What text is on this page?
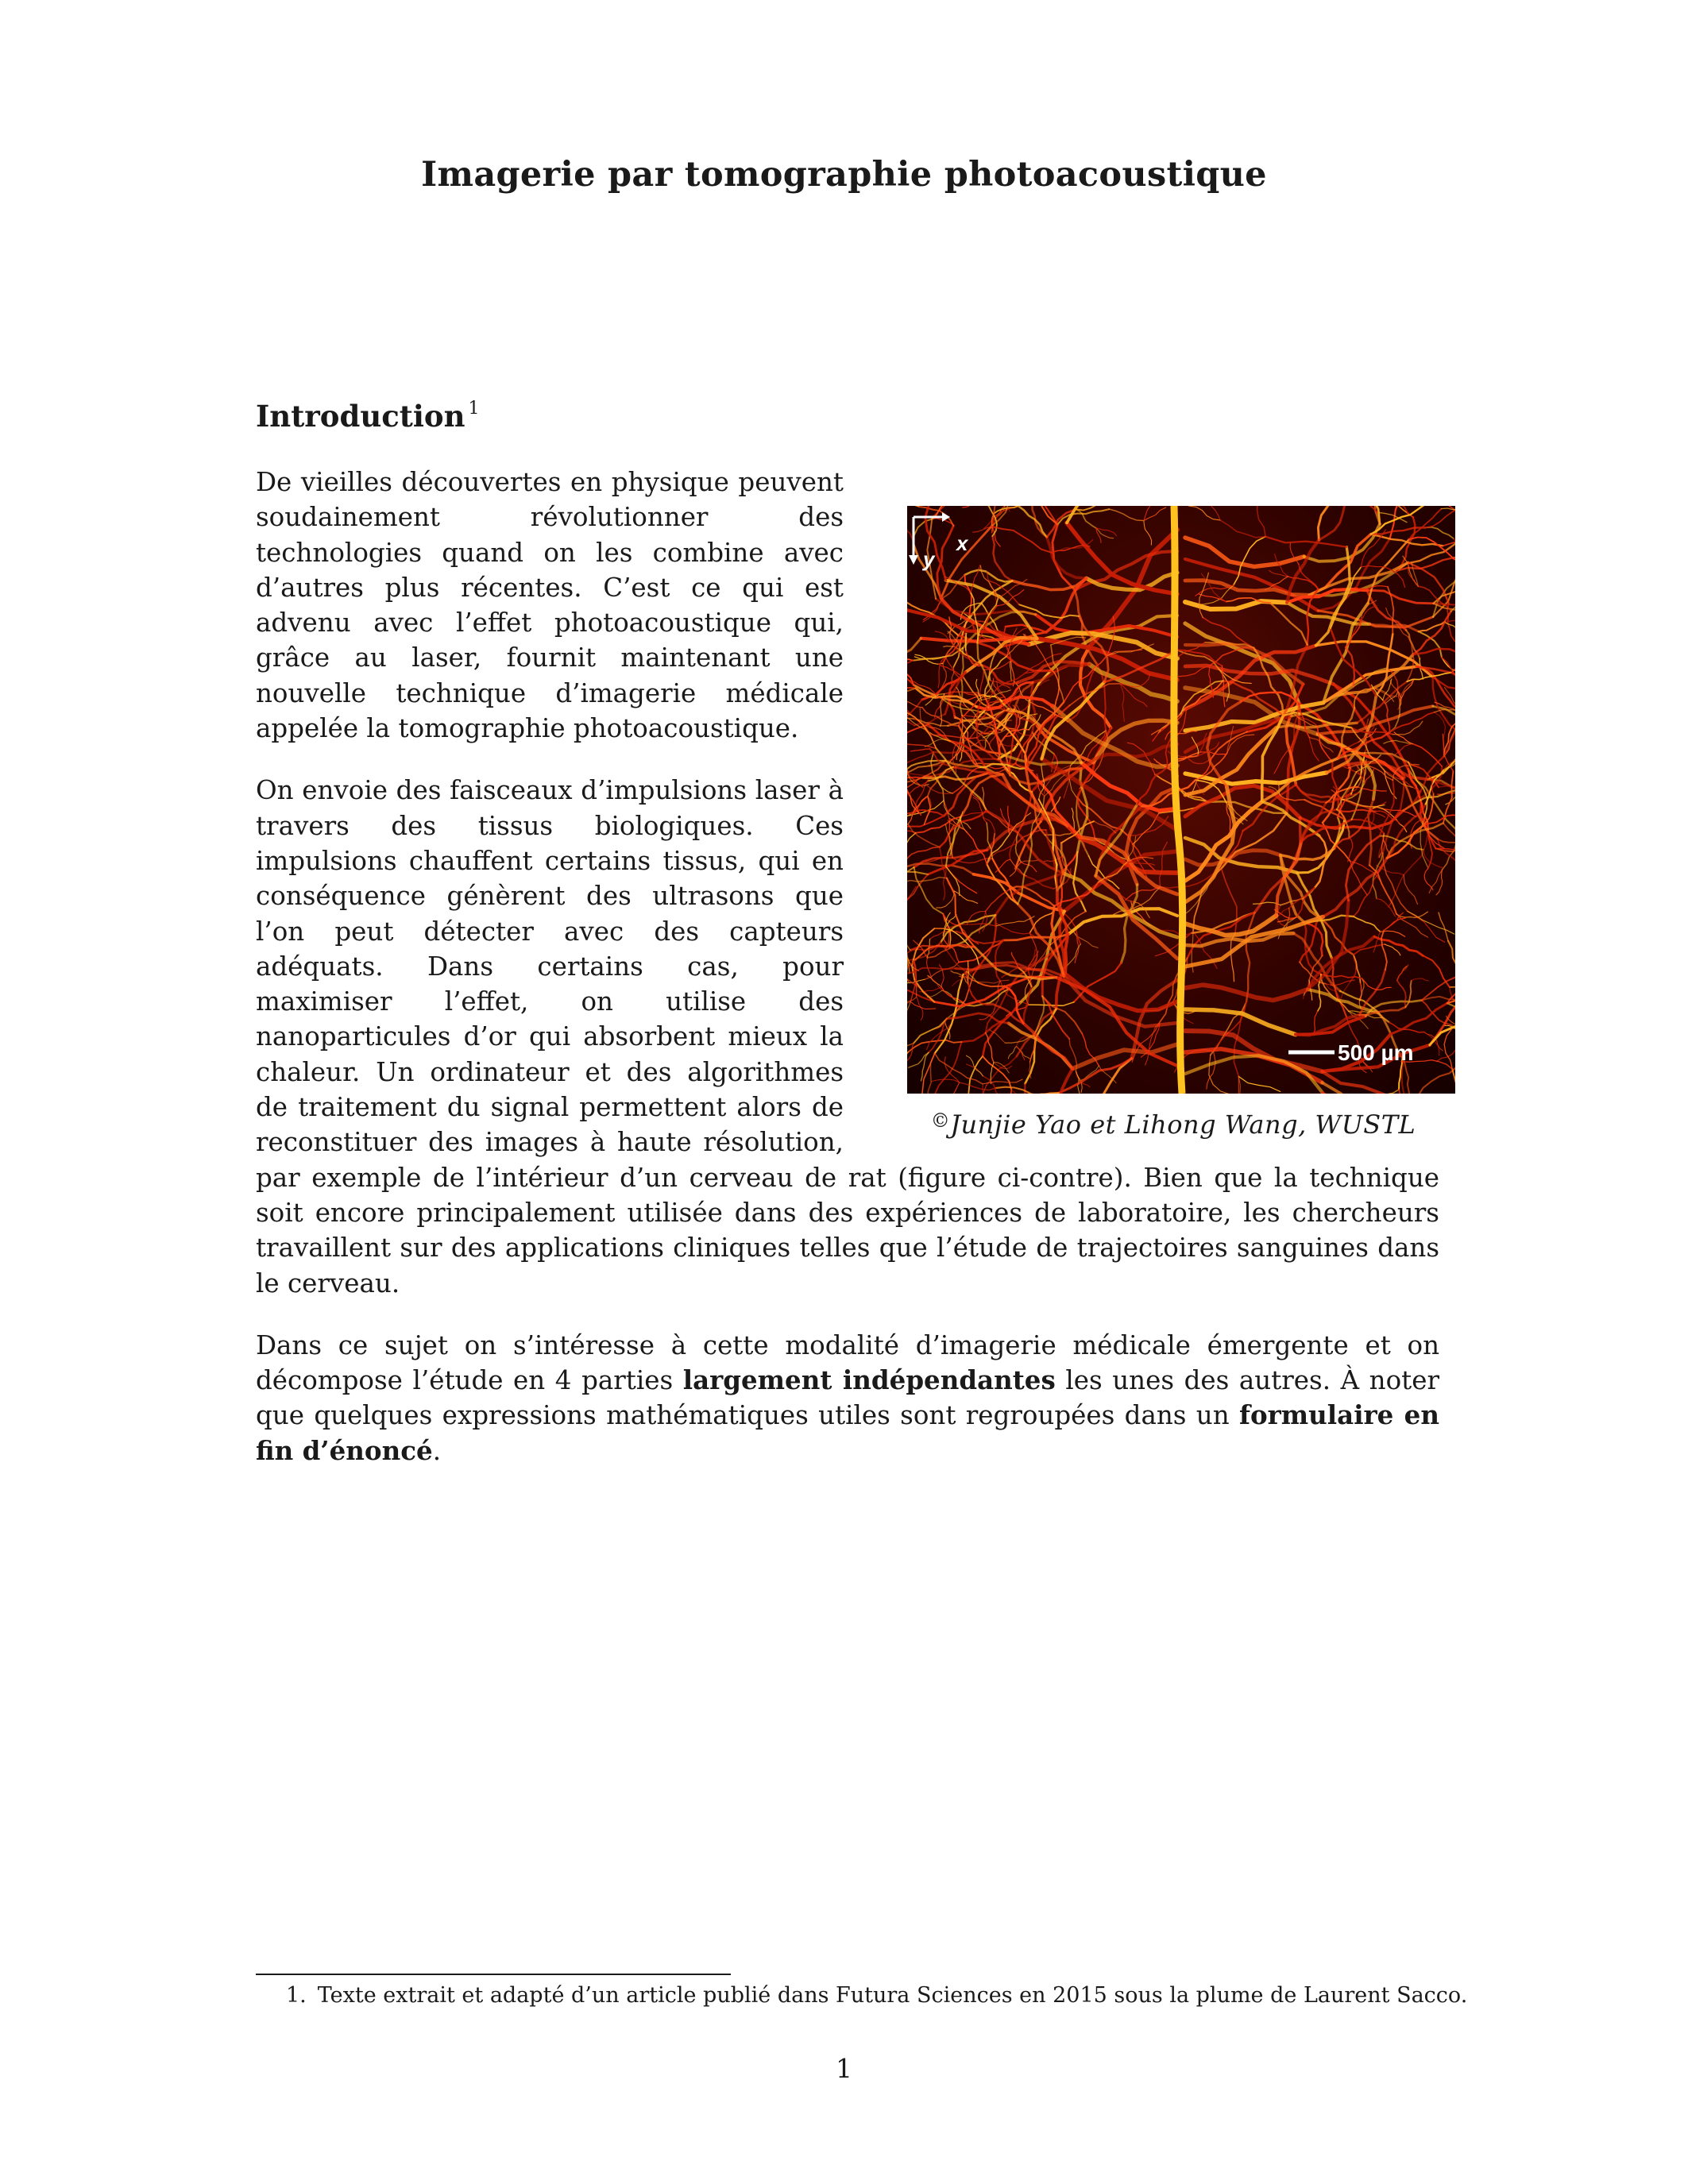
Imagerie par tomographie photoacoustique
Introduction $^1$
x
y
500 µm
©Junjie Yao et Lihong Wang, WUSTL

De vieilles découvertes en physique peuvent soudainement révolutionner des technologies quand on les combine avec d’autres plus récentes. C’est ce qui est advenu avec l’effet photoacoustique qui, grâce au laser, fournit maintenant une nouvelle technique d’imagerie médicale appelée la tomographie photoacoustique.

On envoie des faisceaux d’impulsions laser à travers des tissus biologiques. Ces impulsions chauffent certains tissus, qui en conséquence génèrent des ultrasons que l’on peut détecter avec des capteurs adéquats. Dans certains cas, pour maximiser l’effet, on utilise des nanoparticules d’or qui absorbent mieux la chaleur. Un ordinateur et des algorithmes de traitement du signal permettent alors de reconstituer des images à haute résolution, par exemple de l’intérieur d’un cerveau de rat (figure ci-contre). Bien que la technique soit encore principalement utilisée dans des expériences de laboratoire, les chercheurs travaillent sur des applications cliniques telles que l’étude de trajectoires sanguines dans le cerveau.

Dans ce sujet on s’intéresse à cette modalité d’imagerie médicale émergente et on décompose l’étude en 4 parties largement indépendantes les unes des autres. À noter que quelques expressions mathématiques utiles sont regroupées dans un formulaire en fin d’énoncé.

1. Texte extrait et adapté d’un article publié dans Futura Sciences en 2015 sous la plume de Laurent Sacco.

1
